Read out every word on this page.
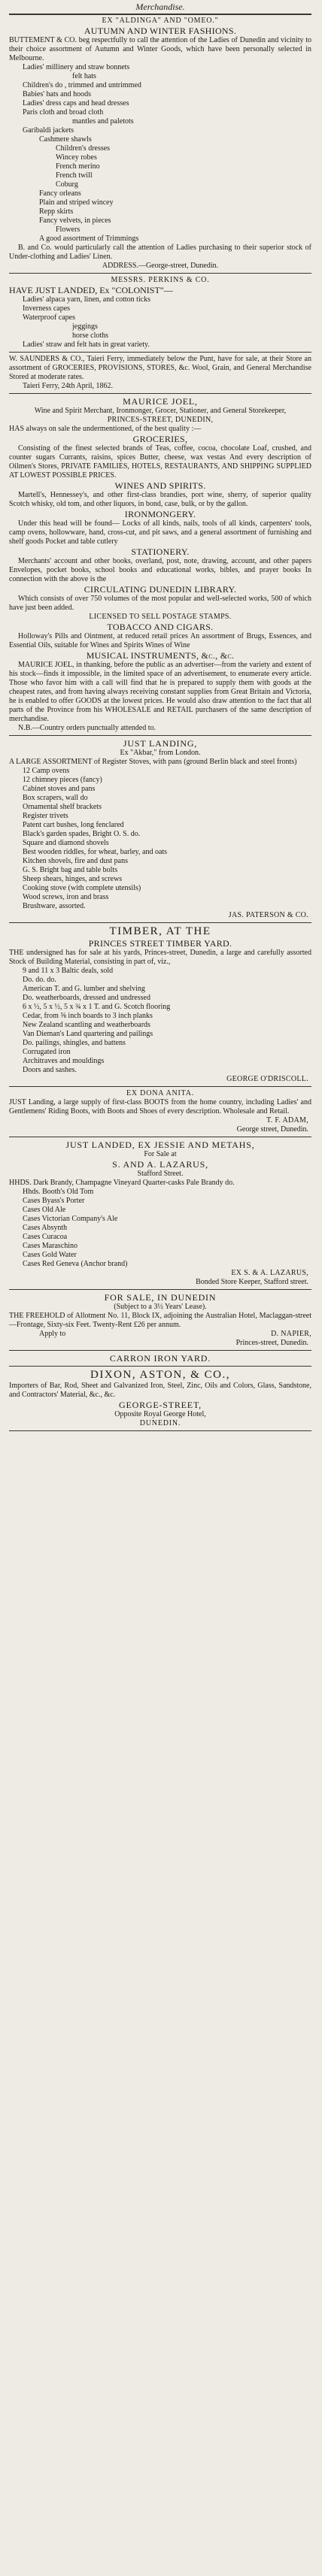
Merchandise.

EX "ALDINGA" AND "OMEO."

AUTUMN AND WINTER FASHIONS.

BUTTEMENT & CO. beg respectfully to call the attention of the Ladies of Dunedin and vicinity to their choice assortment of Autumn and Winter Goods, which have been personally selected in Melbourne.

Ladies' millinery and straw bonnets

felt hats

Children's do , trimmed and untrimmed

Babies' hats and hoods

Ladies' dress caps and head dresses

Paris cloth and broad cloth

mantles and paletots

Garibaldi jackets

Cashmere shawls

Children's dresses

Wincey robes

French merino

French twill

Coburg

Fancy orleans

Plain and striped wincey

Repp skirts

Fancy velvets, in pieces

Flowers

A good assortment of Trimmings

B. and Co. would particularly call the attention of Ladies purchasing to their superior stock of Under-clothing and Ladies' Linen.

ADDRESS.—George-street, Dunedin.

MESSRS. PERKINS & CO.

HAVE JUST LANDED, Ex "COLONIST"—

Ladies' alpaca yarn, linen, and cotton ticks

Inverness capes

Waterproof capes

jeggings

horse cloths

Ladies' straw and felt hats in great variety.

W. SAUNDERS & CO., Taieri Ferry, immediately below the Punt, have for sale, at their Store an assortment of GROCERIES, PROVISIONS, STORES, &c. Wool, Grain, and General Merchandise Stored at moderate rates.

Taieri Ferry, 24th April, 1862.

MAURICE JOEL,

Wine and Spirit Merchant, Ironmonger, Grocer, Stationer, and General Storekeeper,

PRINCES-STREET, DUNEDIN,

HAS always on sale the undermentioned, of the best quality :—

GROCERIES,

Consisting of the finest selected brands of Teas, coffee, cocoa, chocolate Loaf, crushed, and counter sugars Currants, raisins, spices Butter, cheese, wax vestas And every description of Oilmen's Stores, PRIVATE FAMILIES, HOTELS, RESTAURANTS, AND SHIPPING SUPPLIED AT LOWEST POSSIBLE PRICES.

WINES AND SPIRITS.

Martell's, Hennessey's, and other first-class brandies, port wine, sherry, of superior quality Scotch whisky, old tom, and other liquors, in bond, case, bulk, or by the gallon.

IRONMONGERY.

Under this head will be found— Locks of all kinds, nails, tools of all kinds, carpenters' tools, camp ovens, hollowware, hand, cross-cut, and pit saws, and a general assortment of furnishing and shelf goods Pocket and table cutlery

STATIONERY.

Merchants' account and other books, overland, post, note, drawing, account, and other papers Envelopes, pocket books, school books and educational works, bibles, and prayer books In connection with the above is the

CIRCULATING DUNEDIN LIBRARY.

Which consists of over 750 volumes of the most popular and well-selected works, 500 of which have just been added.

LICENSED TO SELL POSTAGE STAMPS.

TOBACCO AND CIGARS.

Holloway's Pills and Ointment, at reduced retail prices An assortment of Brugs, Essences, and Essential Oils, suitable for Wines and Spirits Wines of Wine

MUSICAL INSTRUMENTS, &c., &c.

MAURICE JOEL, in thanking, before the public as an advertiser—from the variety and extent of his stock—finds it impossible, in the limited space of an advertisement, to enumerate every article. Those who favor him with a call will find that he is prepared to supply them with goods at the cheapest rates, and from having always receiving constant supplies from Great Britain and Victoria, he is enabled to offer GOODS at the lowest prices. He would also draw attention to the fact that all parts of the Province from his WHOLESALE and RETAIL purchasers of the same description of merchandise.

N.B.—Country orders punctually attended to.

JUST LANDING,

Ex "Akbar," from London.

A LARGE ASSORTMENT of Register Stoves, with pans (ground Berlin black and steel fronts)

12 Camp ovens

12 chimney pieces (fancy)

Cabinet stoves and pans

Box scrapers, wall do

Ornamental shelf brackets

Register trivets

Patent cart bushes, long fenclared

Black's garden spades, Bright O. S. do.

Square and diamond shovels

Best wooden riddles, for wheat, barley, and oats

Kitchen shovels, fire and dust pans

G. S. Bright bag and table bolts

Sheep shears, hinges, and screws

Cooking stove (with complete utensils)

Wood screws, iron and brass

Brushware, assorted.

JAS. PATERSON & CO.

TIMBER, AT THE

PRINCES STREET TIMBER YARD.

THE undersigned has for sale at his yards, Princes-street, Dunedin, a large and carefully assorted Stock of Building Material, consisting in part of, viz.,

9 and 11 x 3 Baltic deals, sold

Do. do. do.

American T. and G. lumber and shelving

Do. weatherboards, dressed and undressed

6 x ½, 5 x ½, 5 x ¾ x 1 T. and G. Scotch flooring

Cedar, from ⅝ inch boards to 3 inch planks

New Zealand scantling and weatherboards

Van Dieman's Land quartering and pailings

Do. pailings, shingles, and battens

Corrugated iron

Architraves and mouldings

Doors and sashes.

GEORGE O'DRISCOLL.

EX DONA ANITA.

JUST Landing, a large supply of first-class BOOTS from the home country, including Ladies' and Gentlemens' Riding Boots, with Boots and Shoes of every description. Wholesale and Retail.

T. F. ADAM,

George street, Dunedin.

JUST LANDED, EX JESSIE AND METAHS,

For Sale at

S. AND A. LAZARUS,

Stafford Street.

HHDS. Dark Brandy, Champagne Vineyard Quarter-casks Pale Brandy do.

Hhds. Booth's Old Tom

Cases Byass's Porter

Cases Old Ale

Cases Victorian Company's Ale

Cases Absynth

Cases Curacoa

Cases Maraschino

Cases Gold Water

Cases Red Geneva (Anchor brand)

EX S. & A. LAZARUS,

Bonded Store Keeper, Stafford street.

FOR SALE, IN DUNEDIN

(Subject to a 3½ Years' Lease).

THE FREEHOLD of Allotment No. 11, Block IX, adjoining the Australian Hotel, Maclaggan-street—Frontage, Sixty-six Feet. Twenty-Rent £26 per annum.

Apply to	D. NAPIER,

Princes-street, Dunedin.

CARRON IRON YARD.

DIXON, ASTON, & CO.,

Importers of Bar, Rod, Sheet and Galvanized Iron, Steel, Zinc, Oils and Colors, Glass, Sandstone, and Contractors' Material, &c., &c.

GEORGE-STREET,

Opposite Royal George Hotel,

DUNEDIN.
